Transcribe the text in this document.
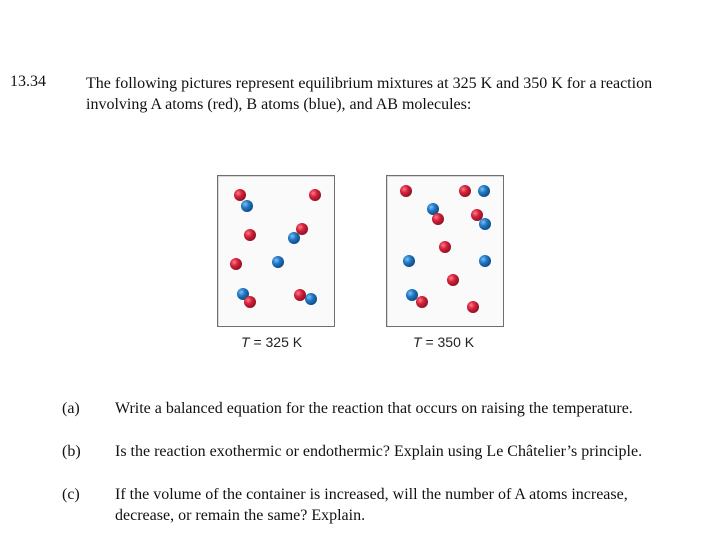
13.34	The following pictures represent equilibrium mixtures at 325 K and 350 K for a reaction involving A atoms (red), B atoms (blue), and AB molecules:
T = 325 K	T = 350 K
(a)	Write a balanced equation for the reaction that occurs on raising the temperature.
(b)	Is the reaction exothermic or endothermic? Explain using Le Châtelier’s principle.
(c)	If the volume of the container is increased, will the number of A atoms increase, decrease, or remain the same? Explain.
